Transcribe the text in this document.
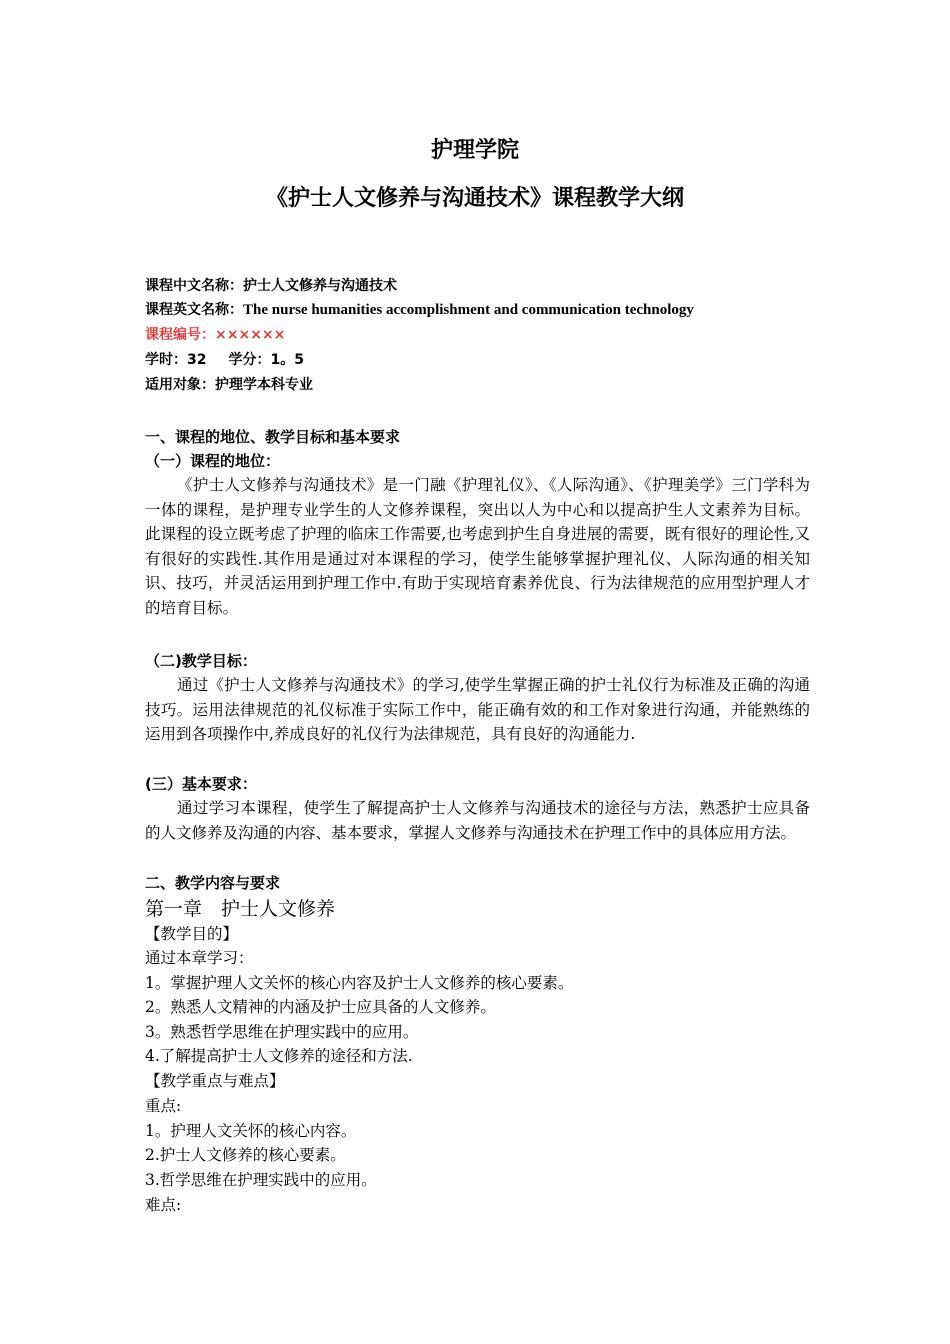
护理学院
《护士人文修养与沟通技术》课程教学大纲
课程中文名称：护士人文修养与沟通技术
课程英文名称：The nurse humanities accomplishment and communication technology
课程编号：××××××
学时：32 学分：1。5
适用对象：护理学本科专业
一、课程的地位、教学目标和基本要求
（一）课程的地位：
《护士人文修养与沟通技术》是一门融《护理礼仪》、《人际沟通》、《护理美学》三门学科为一体的课程，是护理专业学生的人文修养课程，突出以人为中心和以提高护生人文素养为目标。此课程的设立既考虑了护理的临床工作需要,也考虑到护生自身进展的需要，既有很好的理论性,又有很好的实践性.其作用是通过对本课程的学习，使学生能够掌握护理礼仪、人际沟通的相关知识、技巧，并灵活运用到护理工作中.有助于实现培育素养优良、行为法律规范的应用型护理人才的培育目标。
（二)教学目标：
通过《护士人文修养与沟通技术》的学习,使学生掌握正确的护士礼仪行为标准及正确的沟通技巧。运用法律规范的礼仪标准于实际工作中，能正确有效的和工作对象进行沟通，并能熟练的运用到各项操作中,养成良好的礼仪行为法律规范，具有良好的沟通能力.
(三）基本要求：
通过学习本课程，使学生了解提高护士人文修养与沟通技术的途径与方法，熟悉护士应具备的人文修养及沟通的内容、基本要求，掌握人文修养与沟通技术在护理工作中的具体应用方法。
二、教学内容与要求
第一章　护士人文修养
【教学目的】
通过本章学习：
1。掌握护理人文关怀的核心内容及护士人文修养的核心要素。
2。熟悉人文精神的内涵及护士应具备的人文修养。
3。熟悉哲学思维在护理实践中的应用。
4.了解提高护士人文修养的途径和方法.
【教学重点与难点】
重点:
1。护理人文关怀的核心内容。
2.护士人文修养的核心要素。
3.哲学思维在护理实践中的应用。
难点:
